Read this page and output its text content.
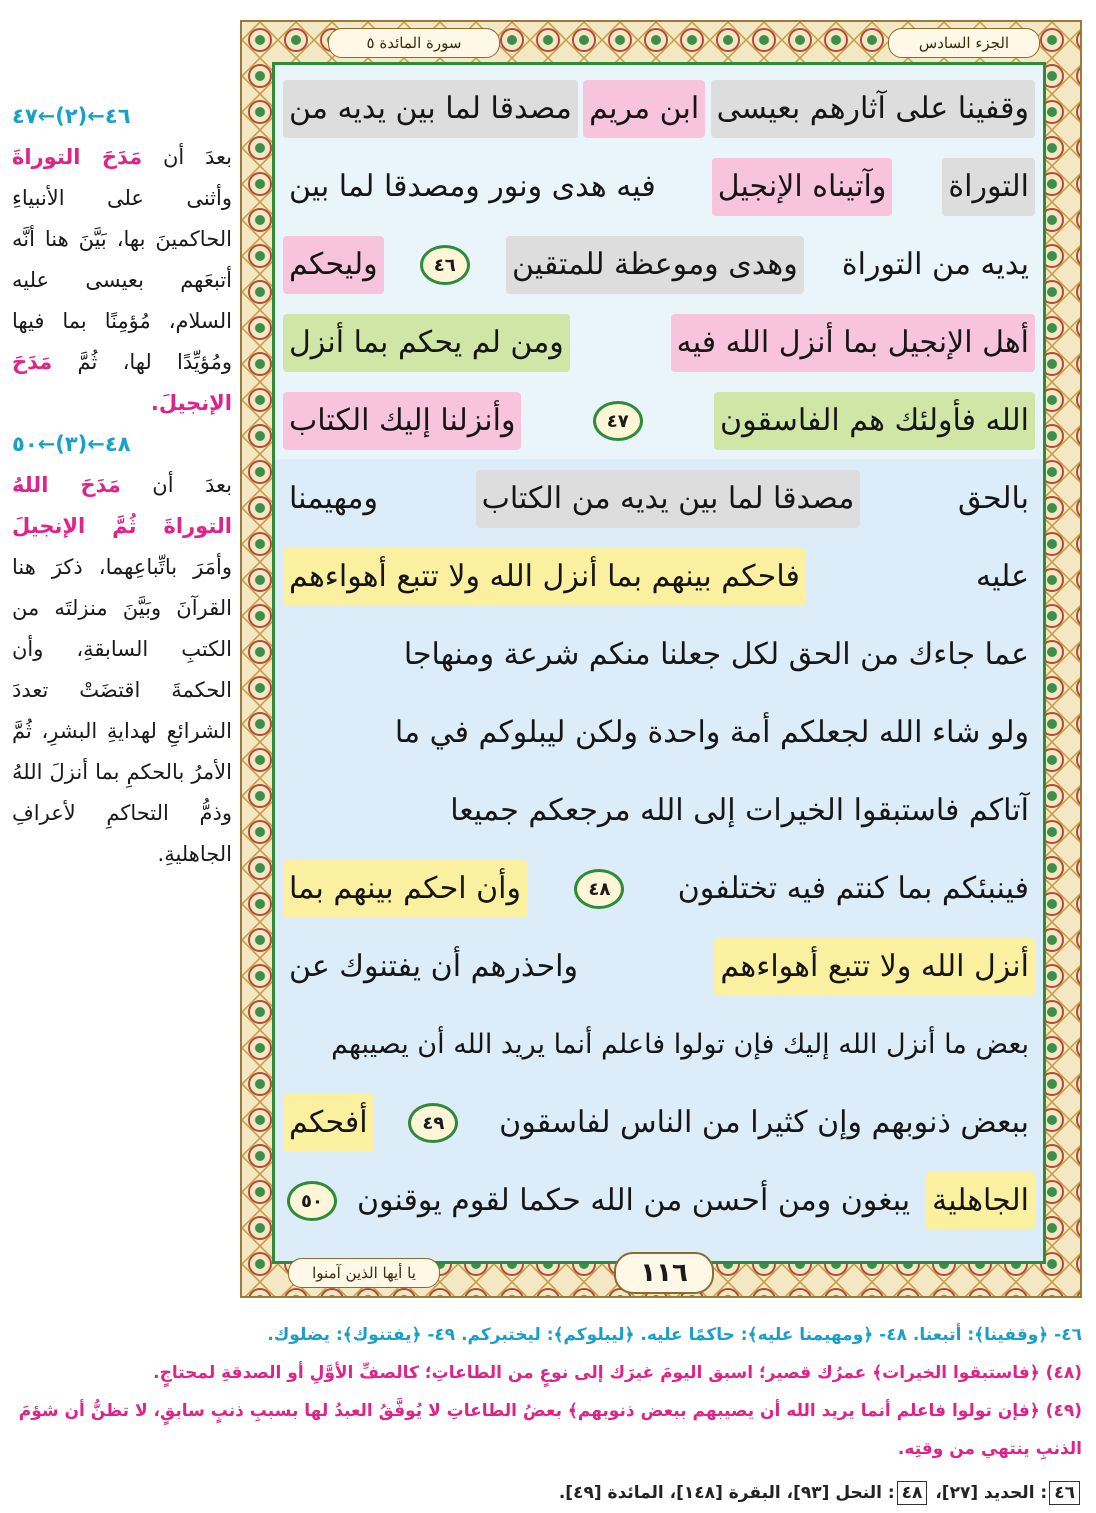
الجزء السادس
سورة المائدة ٥
وقفينا على آثارهم بعيسى
ابن مريم
مصدقا لما بين يديه من
التوراة
وآتيناه الإنجيل
فيه هدى ونور ومصدقا لما بين
يديه من التوراة
وهدى وموعظة للمتقين
٤٦
وليحكم
أهل الإنجيل بما أنزل الله فيه
ومن لم يحكم بما أنزل
الله فأولئك هم الفاسقون
٤٧
وأنزلنا إليك الكتاب
بالحق
مصدقا لما بين يديه من الكتاب
ومهيمنا
عليه
فاحكم بينهم بما أنزل الله ولا تتبع أهواءهم
عما جاءك من الحق لكل جعلنا منكم شرعة ومنهاجا
ولو شاء الله لجعلكم أمة واحدة ولكن ليبلوكم في ما
آتاكم فاستبقوا الخيرات إلى الله مرجعكم جميعا
فينبئكم بما كنتم فيه تختلفون
٤٨
وأن احكم بينهم بما
أنزل الله ولا تتبع أهواءهم
واحذرهم أن يفتنوك عن
بعض ما أنزل الله إليك فإن تولوا فاعلم أنما يريد الله أن يصيبهم
ببعض ذنوبهم وإن كثيرا من الناس لفاسقون
٤٩
أفحكم
الجاهلية
يبغون ومن أحسن من الله حكما لقوم يوقنون
٥٠
١١٦
يا أيها الذين آمنوا

٤٦←(٢)←٤٧

بعدَ أن مَدَحَ التوراةَ وأثنى على الأنبياءِ الحاكمينَ بها، بَيَّنَ هنا أنَّه أتبعَهم بعيسى عليه السلام، مُؤمِنًا بما فيها ومُؤيِّدًا لها، ثُمَّ مَدَحَ الإنجيلَ.

٤٨←(٣)←٥٠

بعدَ أن مَدَحَ اللهُ التوراةَ ثُمَّ الإنجيلَ وأمَرَ باتِّباعِهما، ذكرَ هنا القرآنَ وبَيَّنَ منزلتَه من الكتبِ السابقةِ، وأن الحكمةَ اقتضَتْ تعددَ الشرائعِ لهدايةِ البشرِ، ثُمَّ الأمرُ بالحكمِ بما أنزلَ اللهُ وذمُّ التحاكمِ لأعرافِ الجاهليةِ.

٤٦- ﴿وقفينا﴾: أتبعنا. ٤٨- ﴿ومهيمنا عليه﴾: حاكمًا عليه. ﴿ليبلوكم﴾: ليختبركم. ٤٩- ﴿يفتنوك﴾: يضلوك.
(٤٨) ﴿فاستبقوا الخيرات﴾ عمرُك قصير؛ اسبق اليومَ غيرَك إلى نوعٍ من الطاعاتِ؛ كالصفِّ الأوَّلِ أو الصدقةِ لمحتاجٍ.
(٤٩) ﴿فإن تولوا فاعلم أنما يريد الله أن يصيبهم ببعض ذنوبهم﴾ بعضُ الطاعاتِ لا يُوفَّقُ العبدُ لها بسببِ ذنبٍ سابقٍ، لا تظنُّ أن شؤمَ الذنبِ ينتهي من وقتِه.
٤٦: الحديد [٢٧]، ٤٨: النحل [٩٣]، البقرة [١٤٨]، المائدة [٤٩].
